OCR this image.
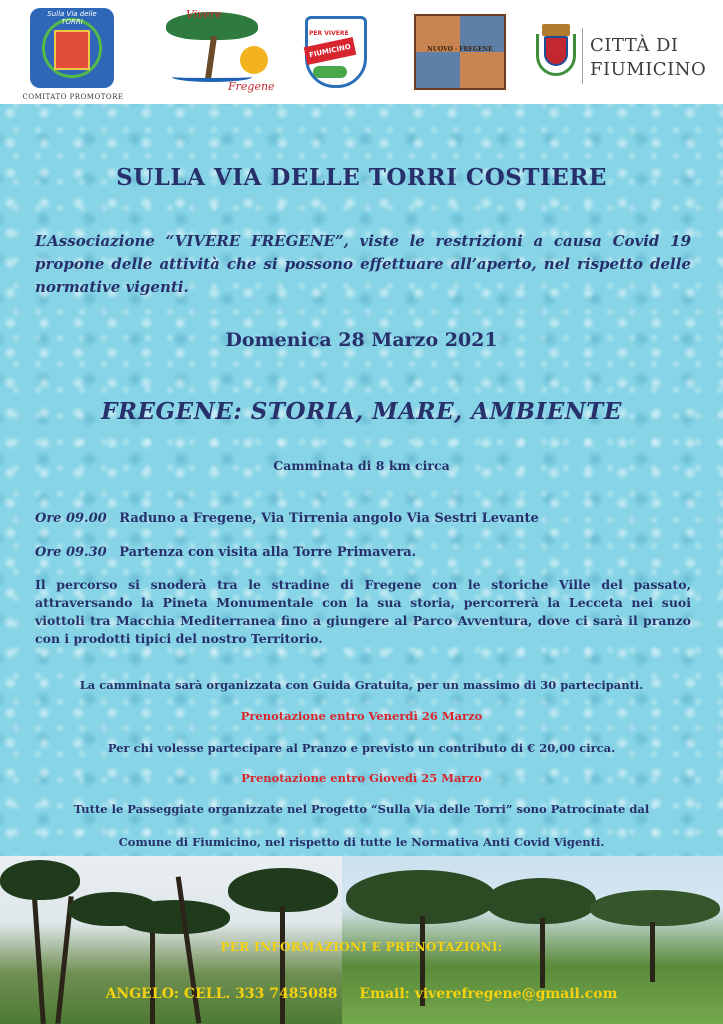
Sulla Via delle TORRI
COMITATO PROMOTORE
Vivere
Fregene
PER VIVERE
FIUMICINO	NUOVO · FREGENE	CITTÀ DI
FIUMICINO
SULLA VIA DELLE TORRI COSTIERE
L’Associazione “VIVERE FREGENE”, viste le restrizioni a causa Covid 19 propone delle attività che si possono effettuare all’aperto, nel rispetto delle normative vigenti.
Domenica 28 Marzo 2021
FREGENE: STORIA, MARE, AMBIENTE
Camminata di 8 km circa
Ore 09.00 Raduno a Fregene, Via Tirrenia angolo Via Sestri Levante
Ore 09.30 Partenza con visita alla Torre Primavera.
Il percorso si snoderà tra le stradine di Fregene con le storiche Ville del passato, attraversando la Pineta Monumentale con la sua storia, percorrerà la Lecceta nei suoi viottoli tra Macchia Mediterranea fino a giungere al Parco Avventura, dove ci sarà il pranzo con i prodotti tipici del nostro Territorio.
La camminata sarà organizzata con Guida Gratuita, per un massimo di 30 partecipanti.
Prenotazione entro Venerdì 26 Marzo
Per chi volesse partecipare al Pranzo e previsto un contributo di € 20,00 circa.
Prenotazione entro Giovedì 25 Marzo
Tutte le Passeggiate organizzate nel Progetto “Sulla Via delle Torri” sono Patrocinate dal
Comune di Fiumicino, nel rispetto di tutte le Normativa Anti Covid Vigenti.
PER INFORMAZIONI E PRENOTAZIONI:
ANGELO: CELL. 333 7485088 Email: viverefregene@gmail.com
